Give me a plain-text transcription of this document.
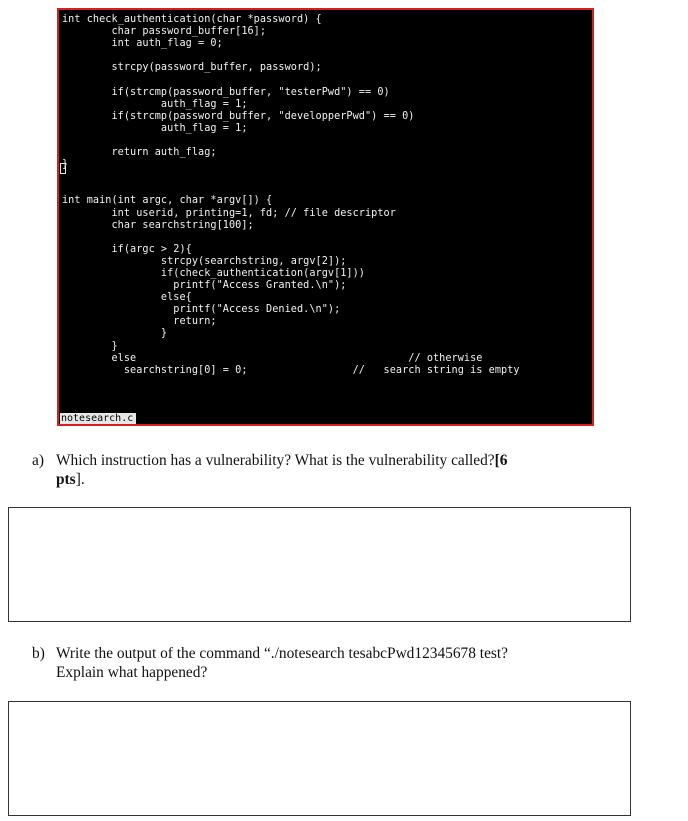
int check_authentication(char *password) {
char password_buffer[16];
int auth_flag = 0;

strcpy(password_buffer, password);

if(strcmp(password_buffer, "testerPwd") == 0)
auth_flag = 1;
if(strcmp(password_buffer, "developperPwd") == 0)
auth_flag = 1;

return auth_flag;
}

int main(int argc, char *argv[]) {
int userid, printing=1, fd; // file descriptor
char searchstring[100];

if(argc > 2){
strcpy(searchstring, argv[2]);
if(check_authentication(argv[1]))
printf("Access Granted.\n");
else{
printf("Access Denied.\n");
return;
}
}
else                                            // otherwise
searchstring[0] = 0;                 //   search string is empty

notesearch.c
a) Which instruction has a vulnerability? What is the vulnerability called?[6
pts].
b) Write the output of the command “./notesearch tesabcPwd12345678 test?
Explain what happened?
